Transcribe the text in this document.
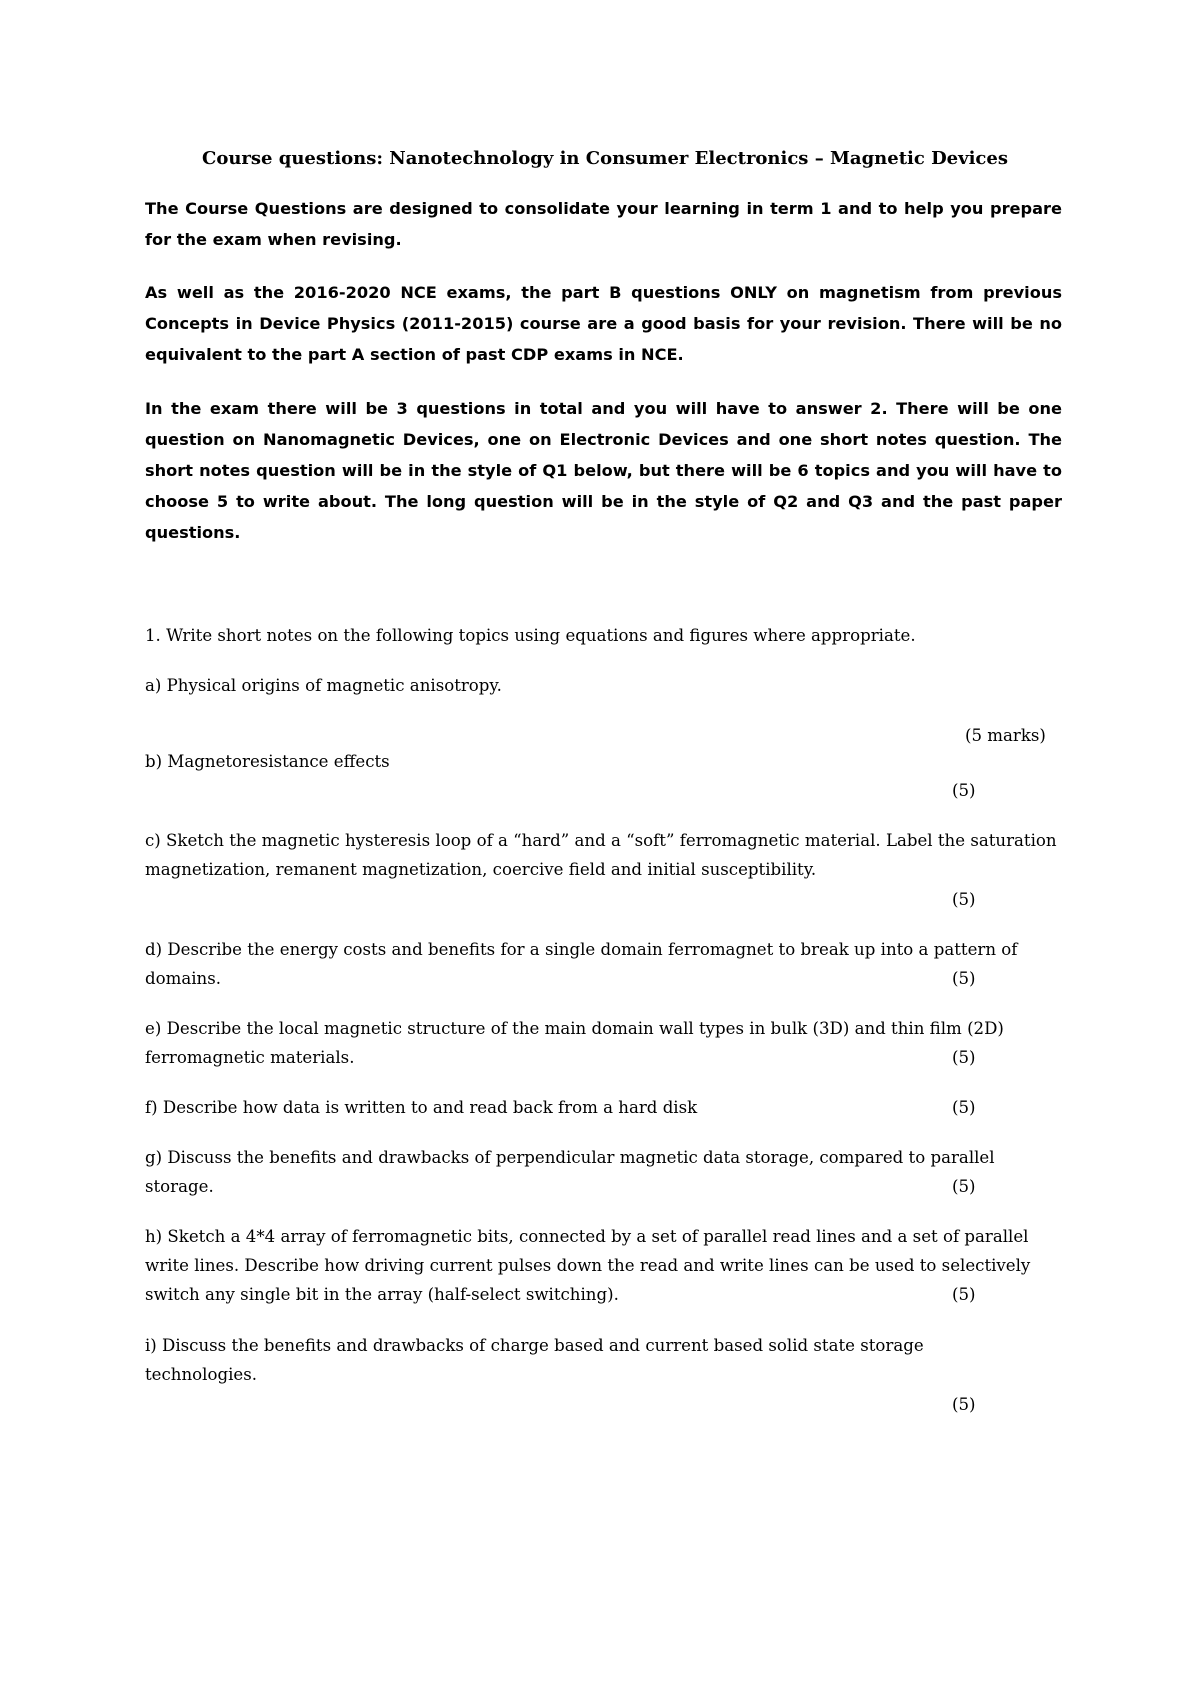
Course questions: Nanotechnology in Consumer Electronics – Magnetic Devices
The Course Questions are designed to consolidate your learning in term 1 and to help you prepare for the exam when revising.
As well as the 2016-2020 NCE exams, the part B questions ONLY on magnetism from previous Concepts in Device Physics (2011-2015) course are a good basis for your revision. There will be no equivalent to the part A section of past CDP exams in NCE.
In the exam there will be 3 questions in total and you will have to answer 2. There will be one question on Nanomagnetic Devices, one on Electronic Devices and one short notes question. The short notes question will be in the style of Q1 below, but there will be 6 topics and you will have to choose 5 to write about. The long question will be in the style of Q2 and Q3 and the past paper questions.
1. Write short notes on the following topics using equations and figures where appropriate.
a) Physical origins of magnetic anisotropy.
(5 marks)
b) Magnetoresistance effects
(5)
c) Sketch the magnetic hysteresis loop of a “hard” and a “soft” ferromagnetic material. Label the saturation magnetization, remanent magnetization, coercive field and initial susceptibility.
(5)
d) Describe the energy costs and benefits for a single domain ferromagnet to break up into a pattern of domains.	(5)
e) Describe the local magnetic structure of the main domain wall types in bulk (3D) and thin film (2D) ferromagnetic materials.	(5)
f) Describe how data is written to and read back from a hard disk	(5)
g) Discuss the benefits and drawbacks of perpendicular magnetic data storage, compared to parallel storage.	(5)
h) Sketch a 4*4 array of ferromagnetic bits, connected by a set of parallel read lines and a set of parallel write lines. Describe how driving current pulses down the read and write lines can be used to selectively switch any single bit in the array (half-select switching).	(5)
i) Discuss the benefits and drawbacks of charge based and current based solid state storage technologies.
(5)
